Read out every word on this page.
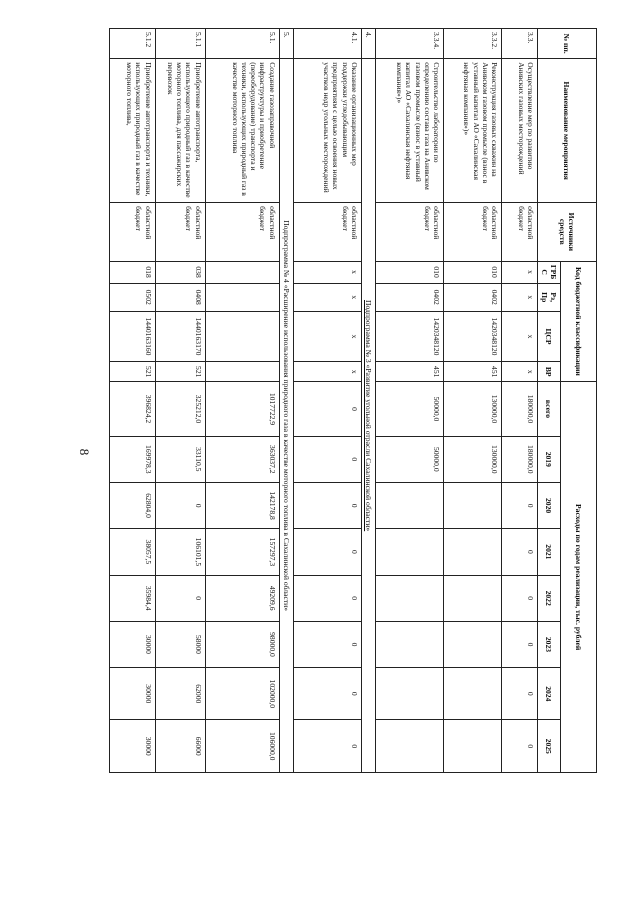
8
№ пп.	Наименование мероприятия	Источники средств	Код бюджетной классификации				Расходы по годам реализации, тыс. рублей							
			ГРБС	Рз, Пр	ЦСР	ВР	всего	2019	2020	2021	2022	2023	2024	2025
3.3.	Осуществление мер по развитию Анивских газовых месторождений	областной бюджет	х	х	х	х	180000,0	180000,0	0	0	0	0	0	0
3.3.2.	Реконструкция газовых скважин на Анивском газовом промысле (взнос в уставный капитал АО «Сахалинская нефтяная компания»)»	областной бюджет	010	0402	1420348120	451	130000,0	130000,0						
3.3.4.	Строительство лаборатории по определению состава газа на Анивском газовом промысле (взнос в уставный капитал АО «Сахалинская нефтяная компания»)»	областной бюджет	010	0402	1420348120	451	50000,0	50000,0						
4.	Подпрограмма № 3 «Развитие угольной отрасли Сахалинской области»													
4.1.	Оказание организационных мер поддержки угледобывающим предприятиям с целью освоения новых участков недр угольных месторождений	областной бюджет	х	х	х	х	0	0	0	0	0	0	0	0
5.	Подпрограмма № 4 «Расширение использования природного газа в качестве моторного топлива в Сахалинской области»													
5.1.	Создание газозаправочной инфраструктуры и приобретение (переоборудование) транспорта и техники, использующих природный газ в качестве моторного топлива	областной бюджет					1017722,9	363037,2	142178,8	157297,3	49209,6	98000,0	102000,0	106000,0
5.1.1	Приобретение автотранспорта, использующего природный газ в качестве моторного топлива, для пассажирских перевозок	областной бюджет	038	0408	1440163170	521	325212,0	33110,5	0	106101,5	0	58000	62000	66000
5.1.2	Приобретение автотранспорта и техники, использующих природный газ в качестве моторного топлива,	областной бюджет	018	0502	1440163160	521	396824,2	169978,3	62804,0	38057,5	35984,4	30000	30000	30000
